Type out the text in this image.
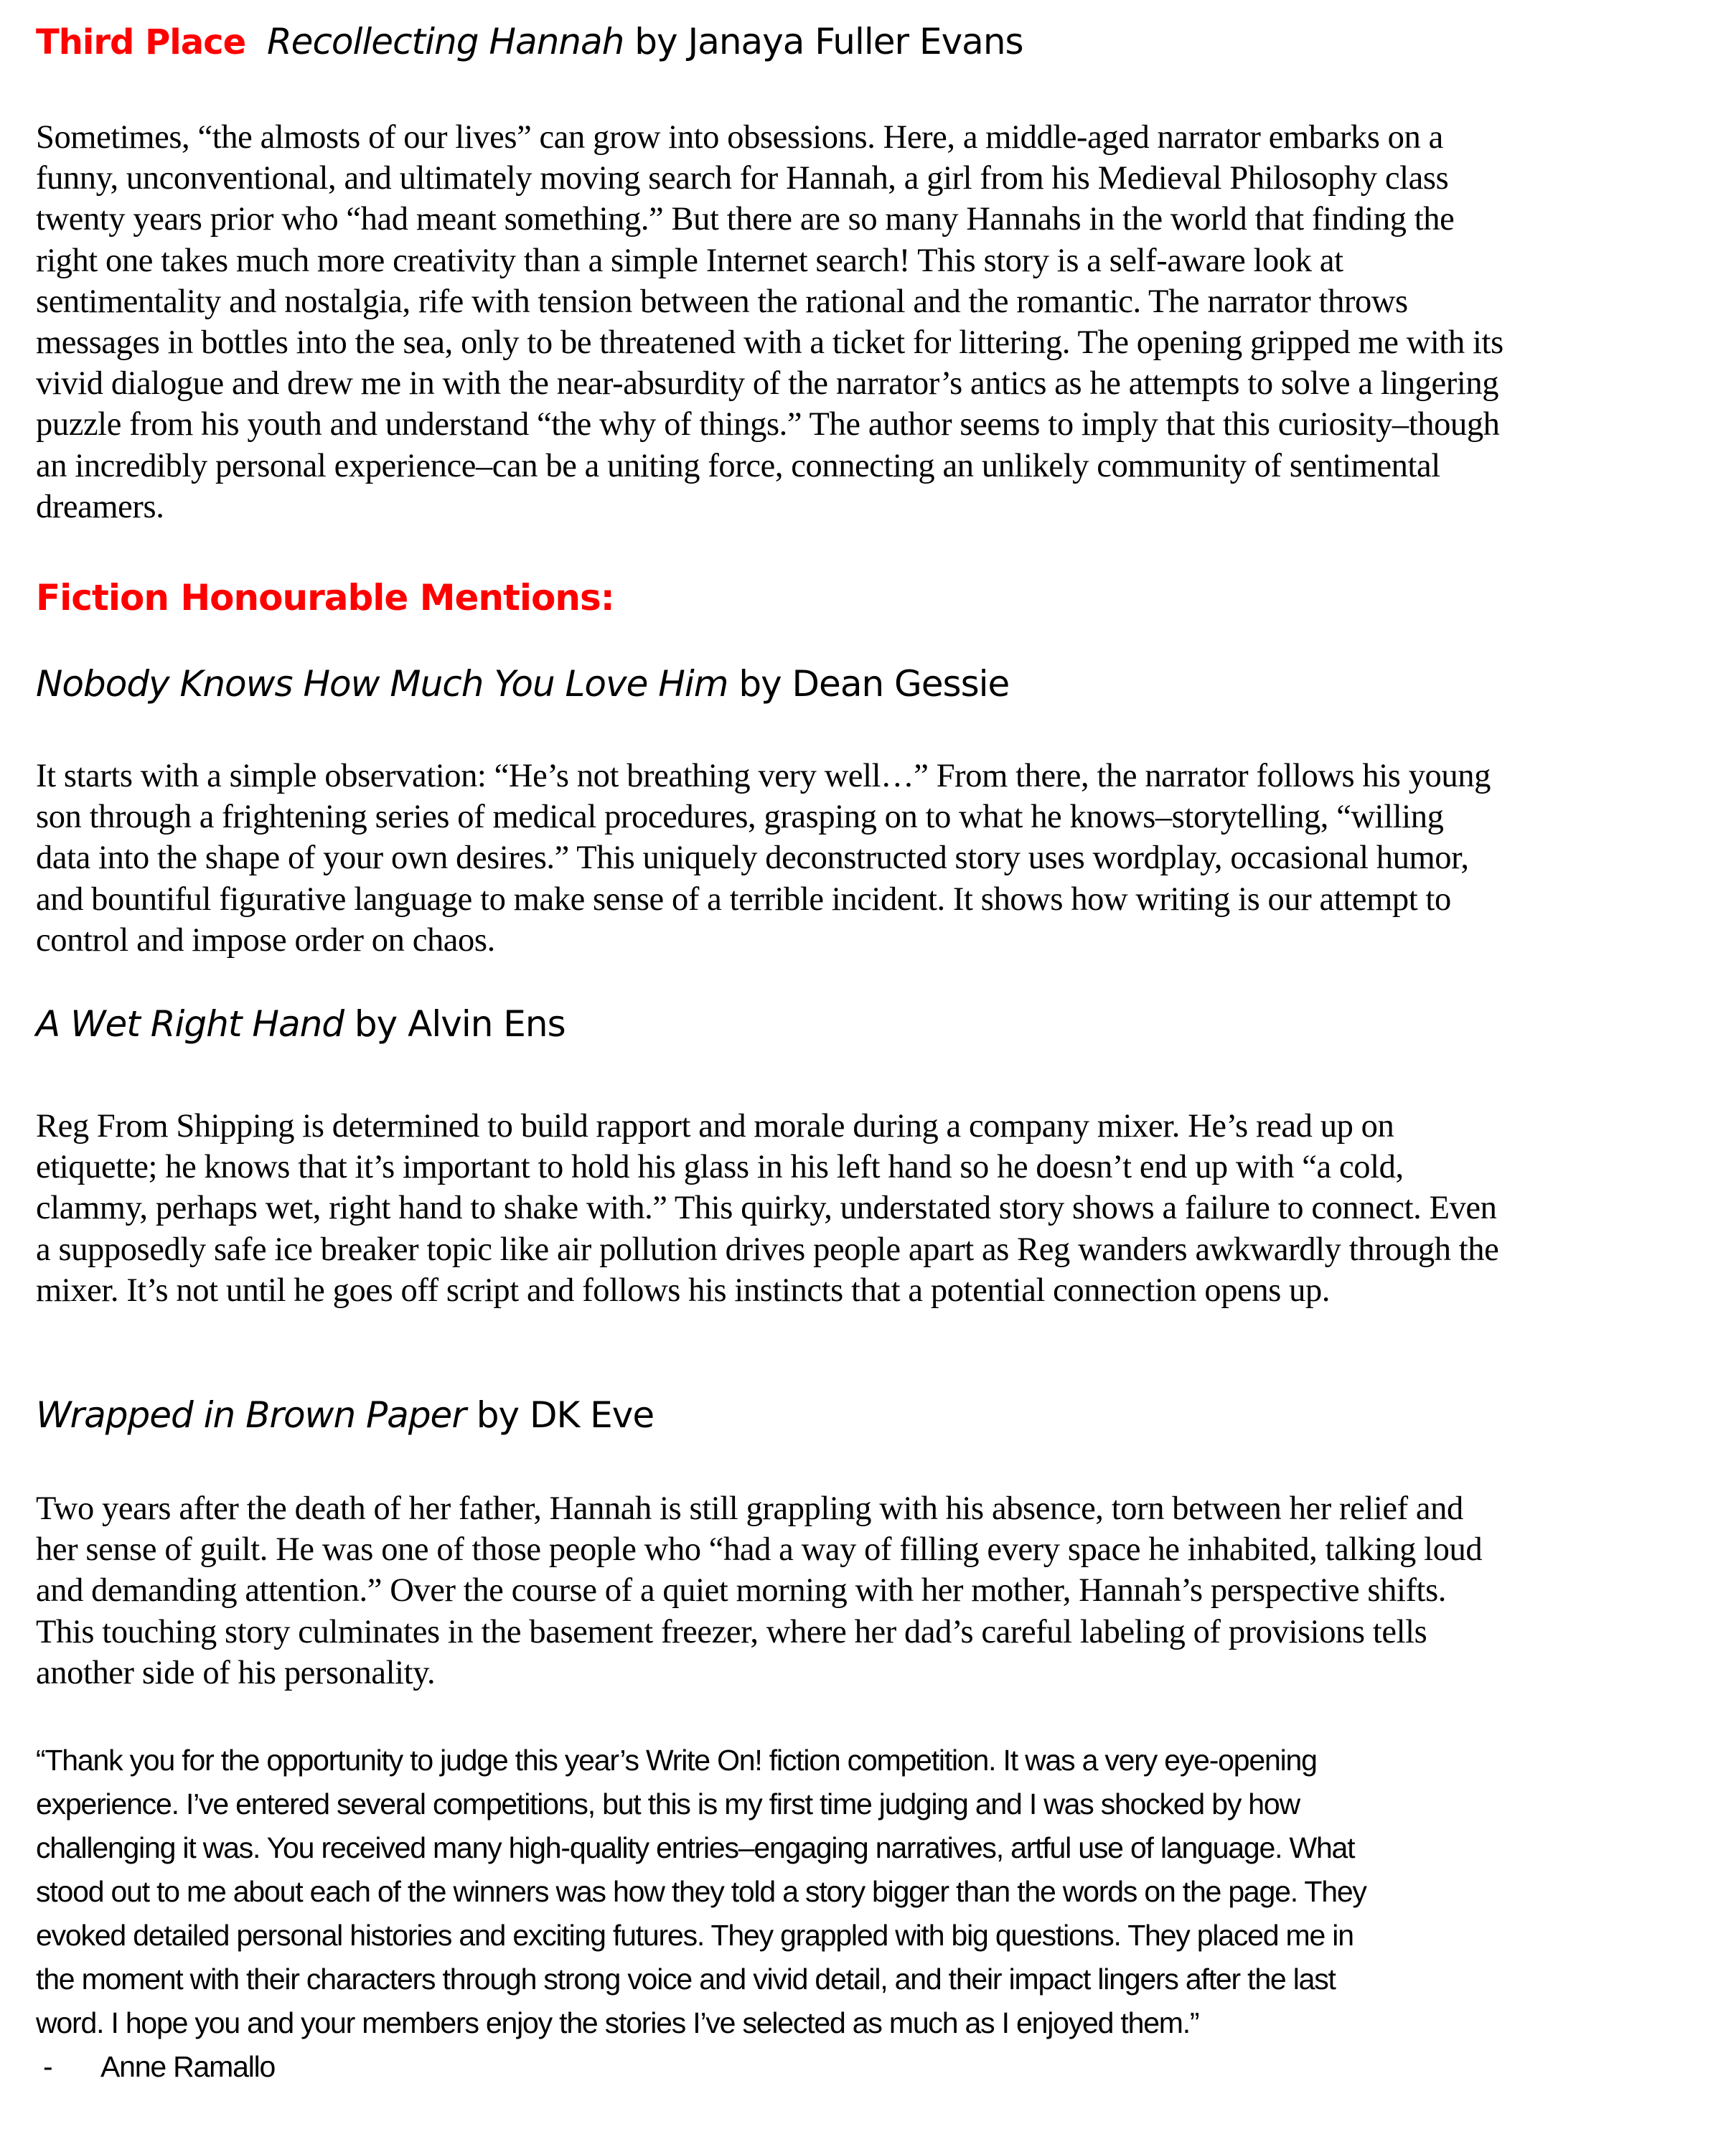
Third Place Recollecting Hannah by Janaya Fuller Evans
Sometimes, “the almosts of our lives” can grow into obsessions. Here, a middle-aged narrator embarks on a
funny, unconventional, and ultimately moving search for Hannah, a girl from his Medieval Philosophy class
twenty years prior who “had meant something.” But there are so many Hannahs in the world that finding the
right one takes much more creativity than a simple Internet search! This story is a self-aware look at
sentimentality and nostalgia, rife with tension between the rational and the romantic. The narrator throws
messages in bottles into the sea, only to be threatened with a ticket for littering. The opening gripped me with its
vivid dialogue and drew me in with the near-absurdity of the narrator’s antics as he attempts to solve a lingering
puzzle from his youth and understand “the why of things.” The author seems to imply that this curiosity–though
an incredibly personal experience–can be a uniting force, connecting an unlikely community of sentimental
dreamers.
Fiction Honourable Mentions:
Nobody Knows How Much You Love Him by Dean Gessie
It starts with a simple observation: “He’s not breathing very well…” From there, the narrator follows his young
son through a frightening series of medical procedures, grasping on to what he knows–storytelling, “willing
data into the shape of your own desires.” This uniquely deconstructed story uses wordplay, occasional humor,
and bountiful figurative language to make sense of a terrible incident. It shows how writing is our attempt to
control and impose order on chaos.
A Wet Right Hand by Alvin Ens
Reg From Shipping is determined to build rapport and morale during a company mixer. He’s read up on
etiquette; he knows that it’s important to hold his glass in his left hand so he doesn’t end up with “a cold,
clammy, perhaps wet, right hand to shake with.” This quirky, understated story shows a failure to connect. Even
a supposedly safe ice breaker topic like air pollution drives people apart as Reg wanders awkwardly through the
mixer. It’s not until he goes off script and follows his instincts that a potential connection opens up.
Wrapped in Brown Paper by DK Eve
Two years after the death of her father, Hannah is still grappling with his absence, torn between her relief and
her sense of guilt. He was one of those people who “had a way of filling every space he inhabited, talking loud
and demanding attention.” Over the course of a quiet morning with her mother, Hannah’s perspective shifts.
This touching story culminates in the basement freezer, where her dad’s careful labeling of provisions tells
another side of his personality.
“Thank you for the opportunity to judge this year’s Write On! fiction competition. It was a very eye-opening
experience. I’ve entered several competitions, but this is my first time judging and I was shocked by how
challenging it was. You received many high-quality entries–engaging narratives, artful use of language. What
stood out to me about each of the winners was how they told a story bigger than the words on the page. They
evoked detailed personal histories and exciting futures. They grappled with big questions. They placed me in
the moment with their characters through strong voice and vivid detail, and their impact lingers after the last
word. I hope you and your members enjoy the stories I’ve selected as much as I enjoyed them.”
- Anne Ramallo
